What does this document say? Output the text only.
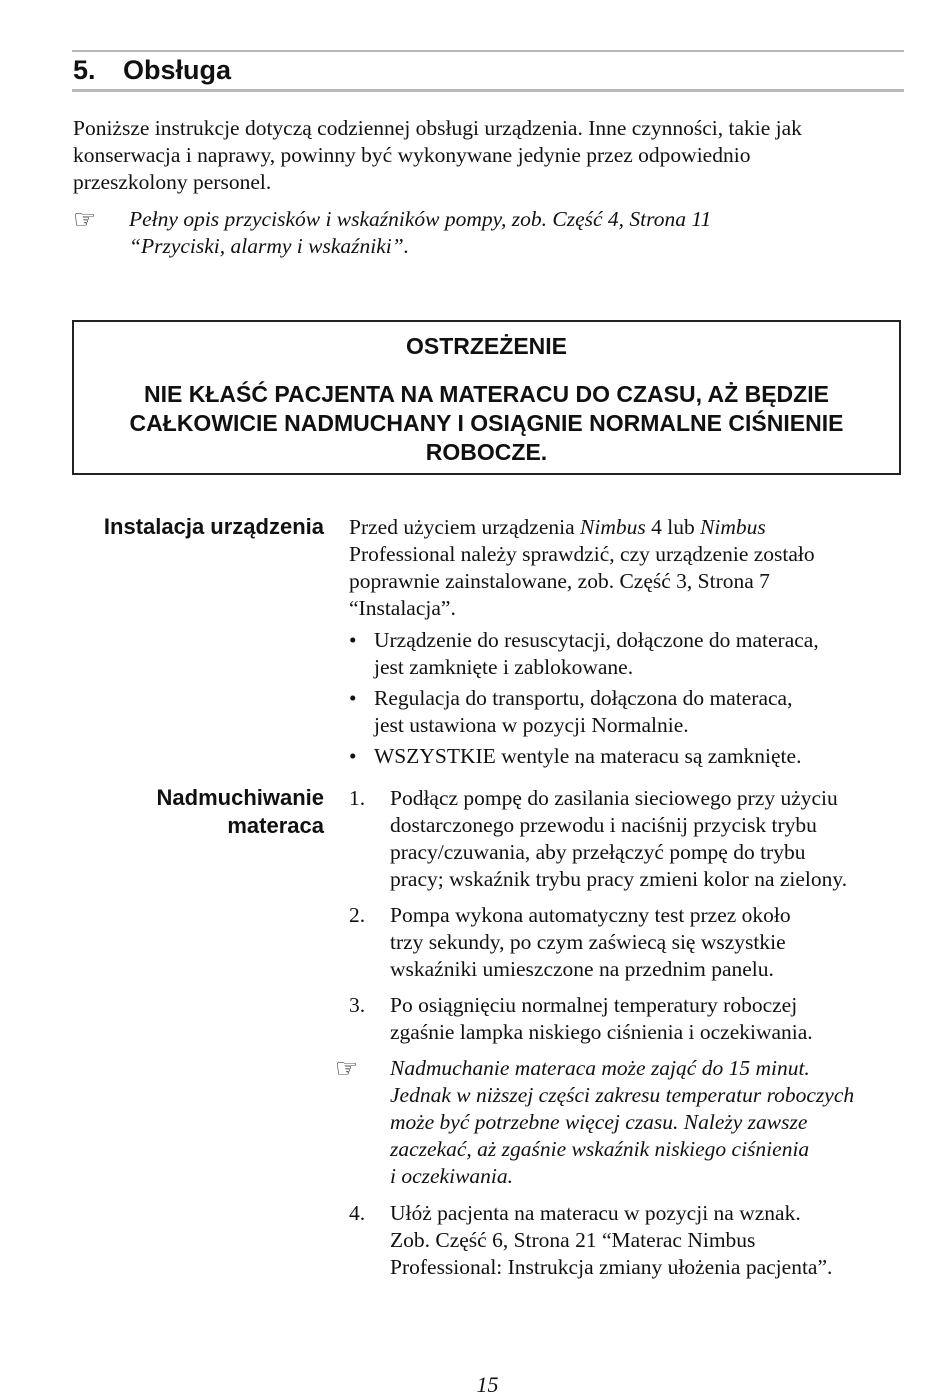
5. Obsługa
Poniższe instrukcje dotyczą codziennej obsługi urządzenia. Inne czynności, takie jak
konserwacja i naprawy, powinny być wykonywane jedynie przez odpowiednio
przeszkolony personel.
☞ Pełny opis przycisków i wskaźników pompy, zob. Część 4, Strona 11
“Przyciski, alarmy i wskaźniki”.
OSTRZEŻENIE
NIE KŁAŚĆ PACJENTA NA MATERACU DO CZASU, AŻ BĘDZIE
CAŁKOWICIE NADMUCHANY I OSIĄGNIE NORMALNE CIŚNIENIE
ROBOCZE.
Instalacja urządzenia Przed użyciem urządzenia Nimbus 4 lub Nimbus
Professional należy sprawdzić, czy urządzenie zostało
poprawnie zainstalowane, zob. Część 3, Strona 7
“Instalacja”.
• Urządzenie do resuscytacji, dołączone do materaca,
jest zamknięte i zablokowane.
• Regulacja do transportu, dołączona do materaca,
jest ustawiona w pozycji Normalnie.
• WSZYSTKIE wentyle na materacu są zamknięte.
Nadmuchiwanie
materaca
1. Podłącz pompę do zasilania sieciowego przy użyciu
dostarczonego przewodu i naciśnij przycisk trybu
pracy/czuwania, aby przełączyć pompę do trybu
pracy; wskaźnik trybu pracy zmieni kolor na zielony.
2. Pompa wykona automatyczny test przez około
trzy sekundy, po czym zaświecą się wszystkie
wskaźniki umieszczone na przednim panelu.
3. Po osiągnięciu normalnej temperatury roboczej
zgaśnie lampka niskiego ciśnienia i oczekiwania.
☞ Nadmuchanie materaca może zająć do 15 minut.
Jednak w niższej części zakresu temperatur roboczych
może być potrzebne więcej czasu. Należy zawsze
zaczekać, aż zgaśnie wskaźnik niskiego ciśnienia
i oczekiwania.
4. Ułóż pacjenta na materacu w pozycji na wznak.
Zob. Część 6, Strona 21 “Materac Nimbus
Professional: Instrukcja zmiany ułożenia pacjenta”.
15
